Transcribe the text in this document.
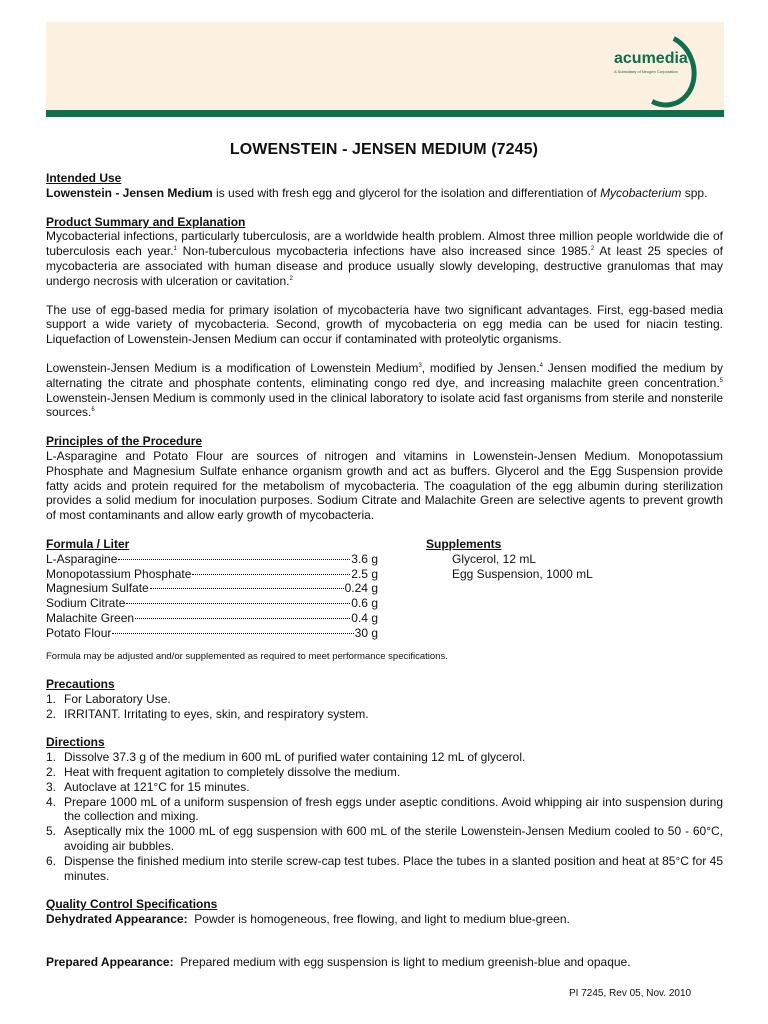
acumedia
A Subsidiary of Neogen Corporation
LOWENSTEIN - JENSEN MEDIUM (7245)
Intended Use

Lowenstein - Jensen Medium is used with fresh egg and glycerol for the isolation and differentiation of Mycobacterium spp.

Product Summary and Explanation

Mycobacterial infections, particularly tuberculosis, are a worldwide health problem. Almost three million people worldwide die of tuberculosis each year.$^1$ Non-tuberculous mycobacteria infections have also increased since 1985.$^2$ At least 25 species of mycobacteria are associated with human disease and produce usually slowly developing, destructive granulomas that may undergo necrosis with ulceration or cavitation.$^2$

The use of egg-based media for primary isolation of mycobacteria have two significant advantages. First, egg-based media support a wide variety of mycobacteria. Second, growth of mycobacteria on egg media can be used for niacin testing. Liquefaction of Lowenstein-Jensen Medium can occur if contaminated with proteolytic organisms.

Lowenstein-Jensen Medium is a modification of Lowenstein Medium$^3$, modified by Jensen.$^4$ Jensen modified the medium by alternating the citrate and phosphate contents, eliminating congo red dye, and increasing malachite green concentration.$^5$ Lowenstein-Jensen Medium is commonly used in the clinical laboratory to isolate acid fast organisms from sterile and nonsterile sources.$^6$

Principles of the Procedure

L-Asparagine and Potato Flour are sources of nitrogen and vitamins in Lowenstein-Jensen Medium. Monopotassium Phosphate and Magnesium Sulfate enhance organism growth and act as buffers. Glycerol and the Egg Suspension provide fatty acids and protein required for the metabolism of mycobacteria. The coagulation of the egg albumin during sterilization provides a solid medium for inoculation purposes. Sodium Citrate and Malachite Green are selective agents to prevent growth of most contaminants and allow early growth of mycobacteria.

Formula / Liter
L-Asparagine	3.6 g
Monopotassium Phosphate	2.5 g
Magnesium Sulfate	0.24 g
Sodium Citrate	0.6 g
Malachite Green	0.4 g
Potato Flour	30 g
Supplements
Glycerol, 12 mL
Egg Suspension, 1000 mL
Formula may be adjusted and/or supplemented as required to meet performance specifications.
Precautions
1. For Laboratory Use.
2. IRRITANT. Irritating to eyes, skin, and respiratory system.
Directions
1. Dissolve 37.3 g of the medium in 600 mL of purified water containing 12 mL of glycerol.
2. Heat with frequent agitation to completely dissolve the medium.
3. Autoclave at 121°C for 15 minutes.
4. Prepare 1000 mL of a uniform suspension of fresh eggs under aseptic conditions. Avoid whipping air into suspension during the collection and mixing.
5. Aseptically mix the 1000 mL of egg suspension with 600 mL of the sterile Lowenstein-Jensen Medium cooled to 50 - 60°C, avoiding air bubbles.
6. Dispense the finished medium into sterile screw-cap test tubes. Place the tubes in a slanted position and heat at 85°C for 45 minutes.
Quality Control Specifications

Dehydrated Appearance:  Powder is homogeneous, free flowing, and light to medium blue-green.

Prepared Appearance:  Prepared medium with egg suspension is light to medium greenish-blue and opaque.

PI 7245, Rev 05, Nov. 2010
